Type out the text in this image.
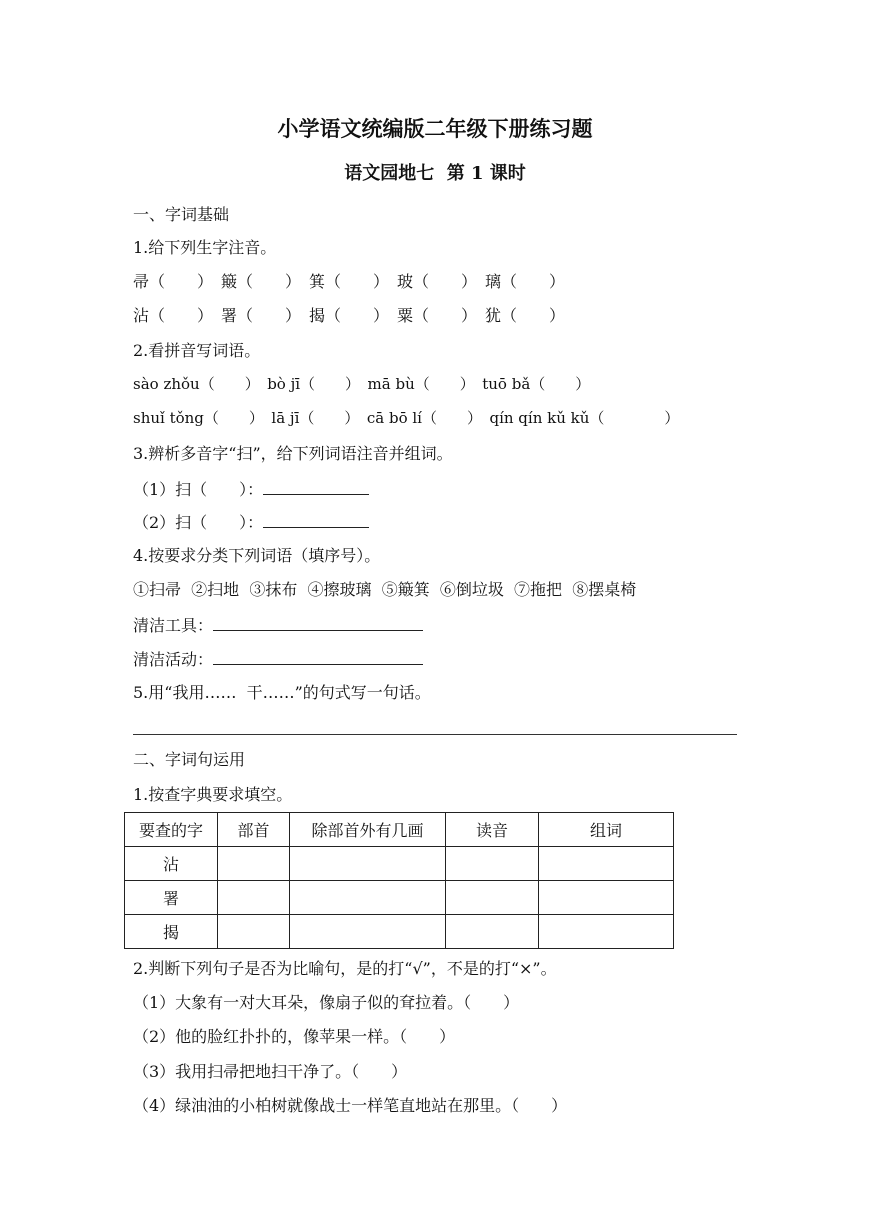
小学语文统编版二年级下册练习题
语文园地七  第 1 课时
一、字词基础
1.给下列生字注音。
帚（　　）　簸（　　）　箕（　　）　玻（　　）　璃（　　）
沾（　　）　署（　　）　揭（　　）　粟（　　）　犹（　　）
2.看拼音写词语。
sào zhǒu（　　）　bò jī（　　）　mā bù（　　）　tuō bǎ（　　）
shuǐ tǒng（　　）　lā jī（　　）　cā bō lí（　　）　qín qín kǔ kǔ（　　　　）
3.辨析多音字“扫”，给下列词语注音并组词。
（1）扫（　　）：
（2）扫（　　）：
4.按要求分类下列词语（填序号）。
①扫帚  ②扫地  ③抹布  ④擦玻璃  ⑤簸箕  ⑥倒垃圾  ⑦拖把  ⑧摆桌椅
清洁工具：
清洁活动：
5.用“我用……  干……”的句式写一句话。
二、字词句运用
1.按查字典要求填空。
要查的字	部首	除部首外有几画	读音	组词
沾				
署				
揭				
2.判断下列句子是否为比喻句，是的打“√”，不是的打“×”。
（1）大象有一对大耳朵，像扇子似的耷拉着。（　　）
（2）他的脸红扑扑的，像苹果一样。（　　）
（3）我用扫帚把地扫干净了。（　　）
（4）绿油油的小柏树就像战士一样笔直地站在那里。（　　）
